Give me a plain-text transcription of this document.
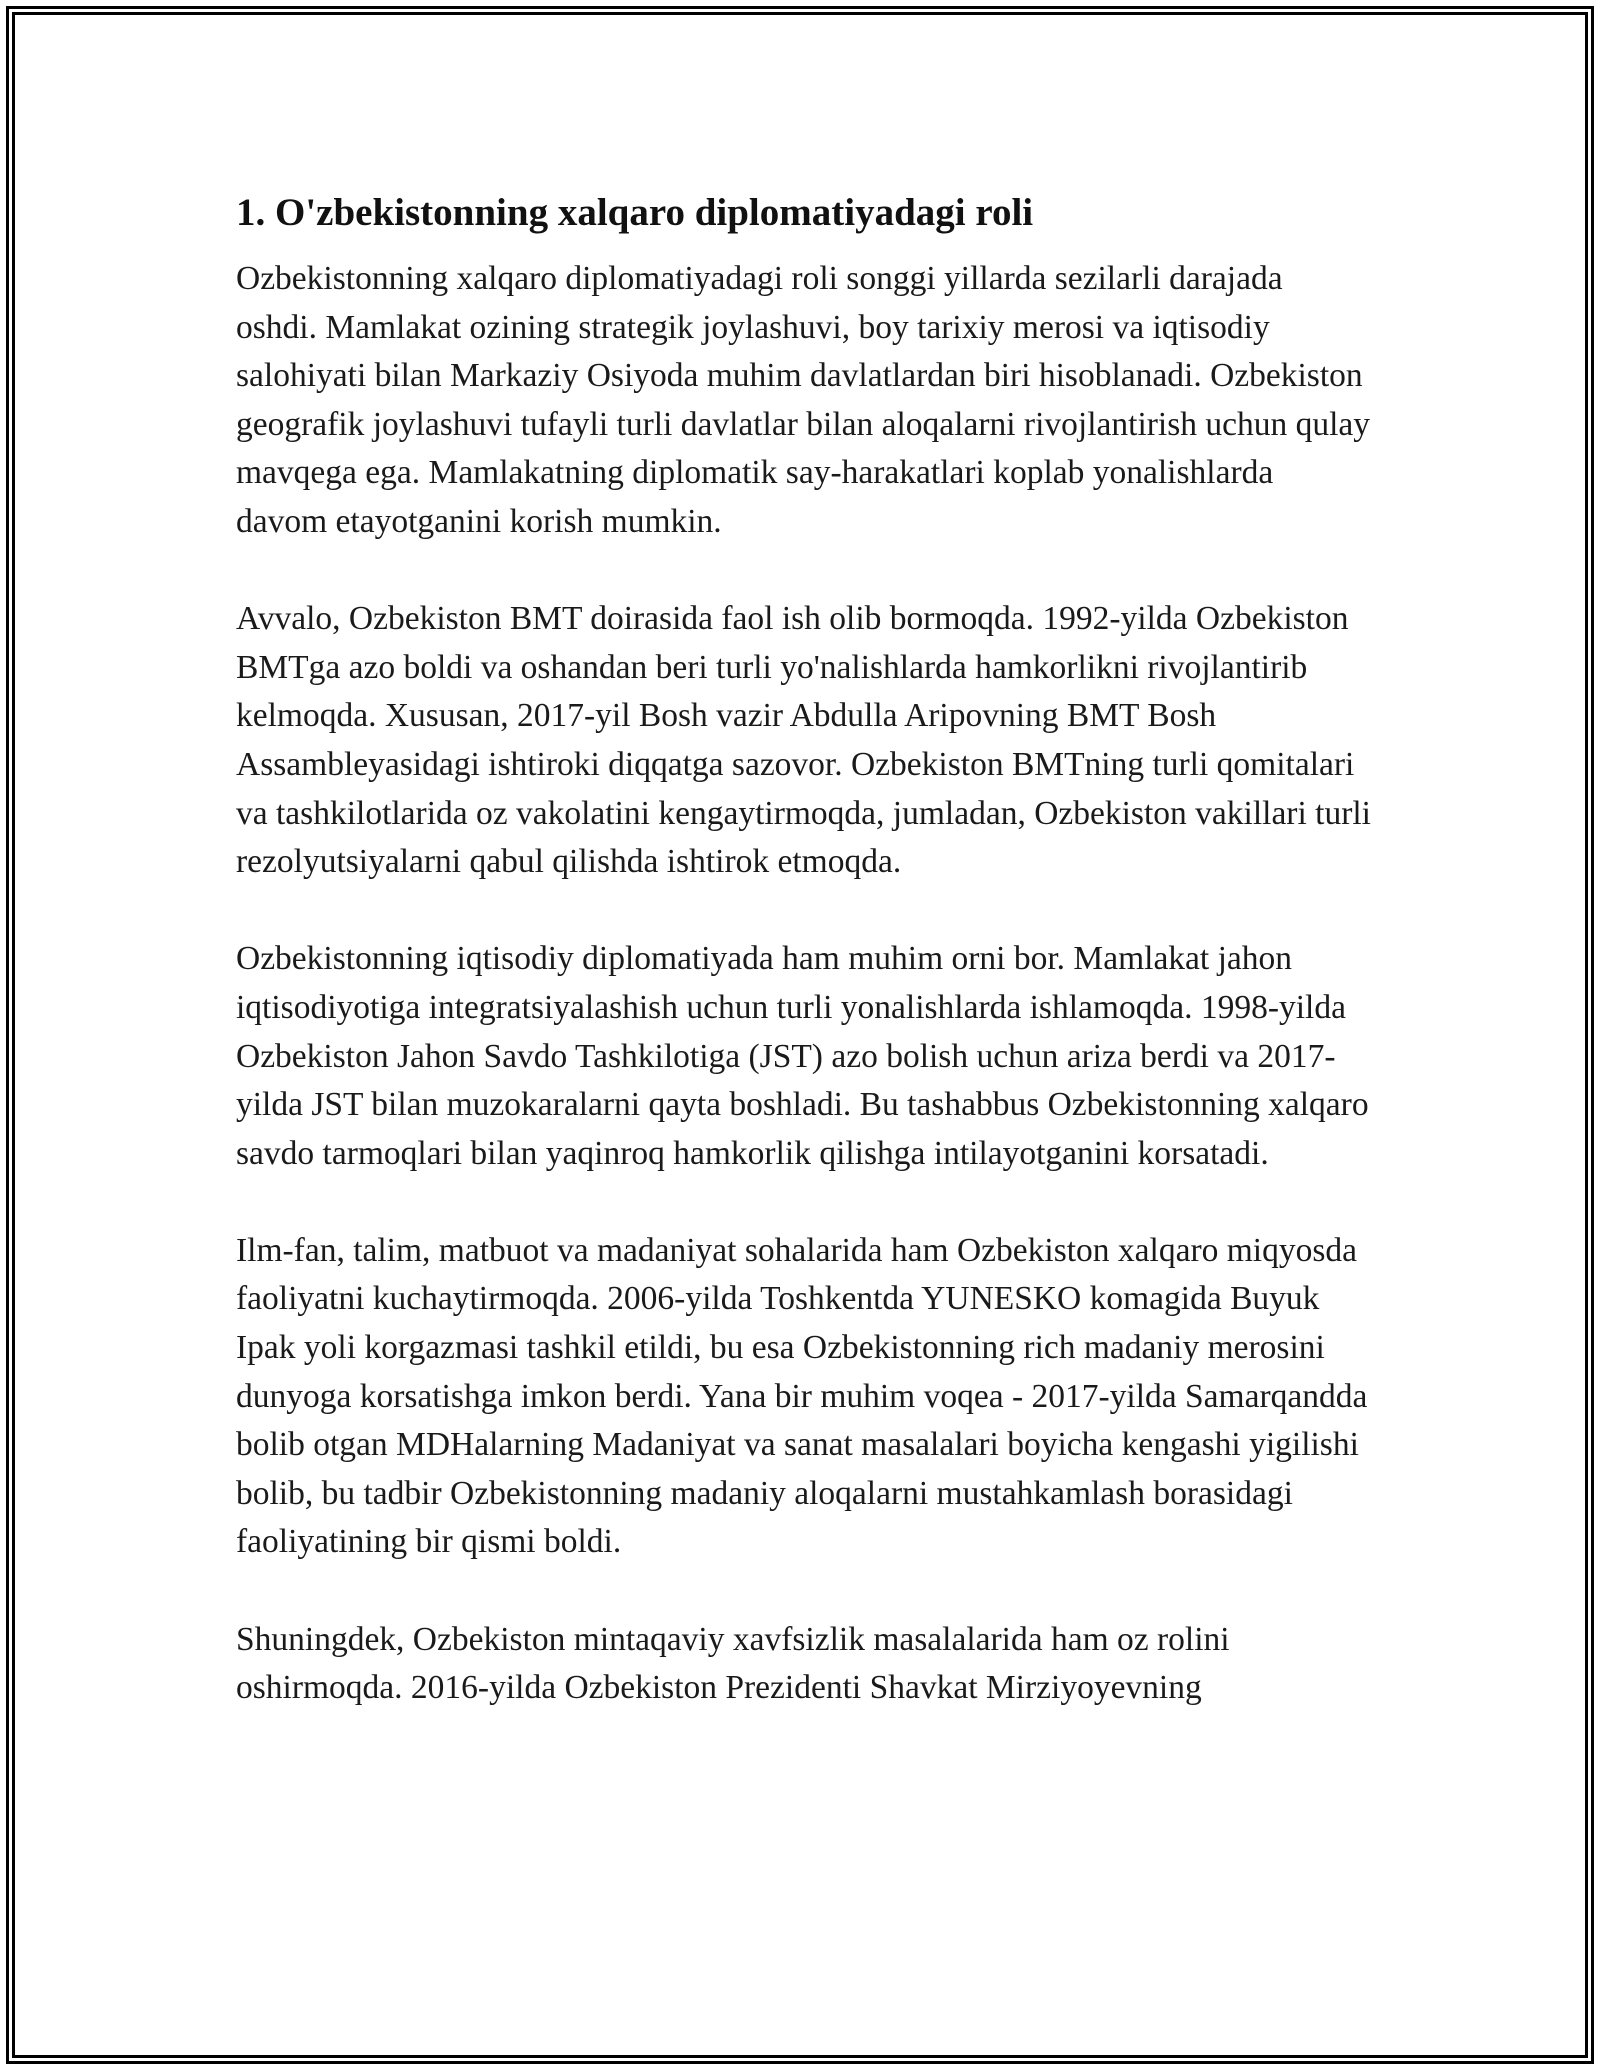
1. O'zbekistonning xalqaro diplomatiyadagi roli

Ozbekistonning xalqaro diplomatiyadagi roli songgi yillarda sezilarli darajada oshdi. Mamlakat ozining strategik joylashuvi, boy tarixiy merosi va iqtisodiy salohiyati bilan Markaziy Osiyoda muhim davlatlardan biri hisoblanadi. Ozbekiston geografik joylashuvi tufayli turli davlatlar bilan aloqalarni rivojlantirish uchun qulay mavqega ega. Mamlakatning diplomatik say-harakatlari koplab yonalishlarda davom etayotganini korish mumkin.

Avvalo, Ozbekiston BMT doirasida faol ish olib bormoqda. 1992-yilda Ozbekiston BMTga azo boldi va oshandan beri turli yo'nalishlarda hamkorlikni rivojlantirib kelmoqda. Xususan, 2017-yil Bosh vazir Abdulla Aripovning BMT Bosh Assambleyasidagi ishtiroki diqqatga sazovor. Ozbekiston BMTning turli qomitalari va tashkilotlarida oz vakolatini kengaytirmoqda, jumladan, Ozbekiston vakillari turli rezolyutsiyalarni qabul qilishda ishtirok etmoqda.

Ozbekistonning iqtisodiy diplomatiyada ham muhim orni bor. Mamlakat jahon iqtisodiyotiga integratsiyalashish uchun turli yonalishlarda ishlamoqda. 1998-yilda Ozbekiston Jahon Savdo Tashkilotiga (JST) azo bolish uchun ariza berdi va 2017-yilda JST bilan muzokaralarni qayta boshladi. Bu tashabbus Ozbekistonning xalqaro savdo tarmoqlari bilan yaqinroq hamkorlik qilishga intilayotganini korsatadi.

Ilm-fan, talim, matbuot va madaniyat sohalarida ham Ozbekiston xalqaro miqyosda faoliyatni kuchaytirmoqda. 2006-yilda Toshkentda YUNESKO komagida Buyuk Ipak yoli korgazmasi tashkil etildi, bu esa Ozbekistonning rich madaniy merosini dunyoga korsatishga imkon berdi. Yana bir muhim voqea - 2017-yilda Samarqandda bolib otgan MDHalarning Madaniyat va sanat masalalari boyicha kengashi yigilishi bolib, bu tadbir Ozbekistonning madaniy aloqalarni mustahkamlash borasidagi faoliyatining bir qismi boldi.

Shuningdek, Ozbekiston mintaqaviy xavfsizlik masalalarida ham oz rolini oshirmoqda. 2016-yilda Ozbekiston Prezidenti Shavkat Mirziyoyevning
